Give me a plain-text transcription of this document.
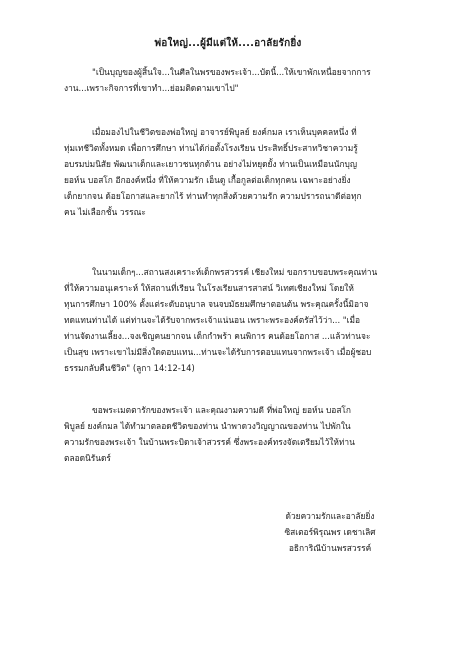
พ่อใหญ่...ผู้มีแต่ให้....อาลัยรักยิ่ง
"เป็นบุญของผู้สิ้นใจ...ในศีลในพรของพระเจ้า...บัดนี้...ให้เขาพักเหนื่อยจากการ
งาน...เพราะกิจการที่เขาทำ...ย่อมติดตามเขาไป"
เมื่อมองไปในชีวิตของพ่อใหญ่ อาจารย์พิบูลย์ ยงค์กมล เราเห็นบุคคลหนึ่ง ที่
ทุ่มเทชีวิตทั้งหมด เพื่อการศึกษา ท่านได้ก่อตั้งโรงเรียน ประสิทธิ์ประสาทวิชาความรู้
อบรมบ่มนิสัย พัฒนาเด็กและเยาวชนทุกด้าน อย่างไม่หยุดยั้ง ท่านเป็นเหมือนนักบุญ
ยอห์น บอสโก อีกองค์หนึ่ง ที่ให้ความรัก เอ็นดู เกื้อกูลต่อเด็กทุกคน เฉพาะอย่างยิ่ง
เด็กยากจน ด้อยโอกาสและยากไร้ ท่านทำทุกสิ่งด้วยความรัก ความปรารถนาดีต่อทุก
คน ไม่เลือกชั้น วรรณะ
ในนามเด็กๆ...สถานสงเคราะห์เด็กพรสวรรค์ เชียงใหม่ ขอกราบขอบพระคุณท่าน
ที่ให้ความอนุเคราะห์ ให้สถานที่เรียน ในโรงเรียนสารสาสน์ วิเทศเชียงใหม่ โดยให้
ทุนการศึกษา 100% ตั้งแต่ระดับอนุบาล จนจบมัธยมศึกษาตอนต้น พระคุณครั้งนี้มิอาจ
ทดแทนท่านได้ แต่ท่านจะได้รับจากพระเจ้าแน่นอน เพราะพระองค์ตรัสไว้ว่า... "เมื่อ
ท่านจัดงานเลี้ยง...จงเชิญคนยากจน เด็กกำพร้า คนพิการ คนด้อยโอกาส ...แล้วท่านจะ
เป็นสุข เพราะเขาไม่มีสิ่งใดตอบแทน...ท่านจะได้รับการตอบแทนจากพระเจ้า เมื่อผู้ชอบ
ธรรมกลับคืนชีวิต" (ลูกา 14:12-14)
ขอพระเมตตารักของพระเจ้า และคุณงามความดี ที่พ่อใหญ่ ยอห์น บอสโก
พิบูลย์ ยงค์กมล ได้ทำมาตลอดชีวิตของท่าน นำพาดวงวิญญาณของท่าน ไปพักใน
ความรักของพระเจ้า ในบ้านพระบิดาเจ้าสวรรค์ ซึ่งพระองค์ทรงจัดเตรียมไว้ให้ท่าน
ตลอดนิรันดร์
ด้วยความรักและอาลัยยิ่ง
ซิสเตอร์พิรุณพร เดชาเลิศ
อธิการิณีบ้านพรสวรรค์
